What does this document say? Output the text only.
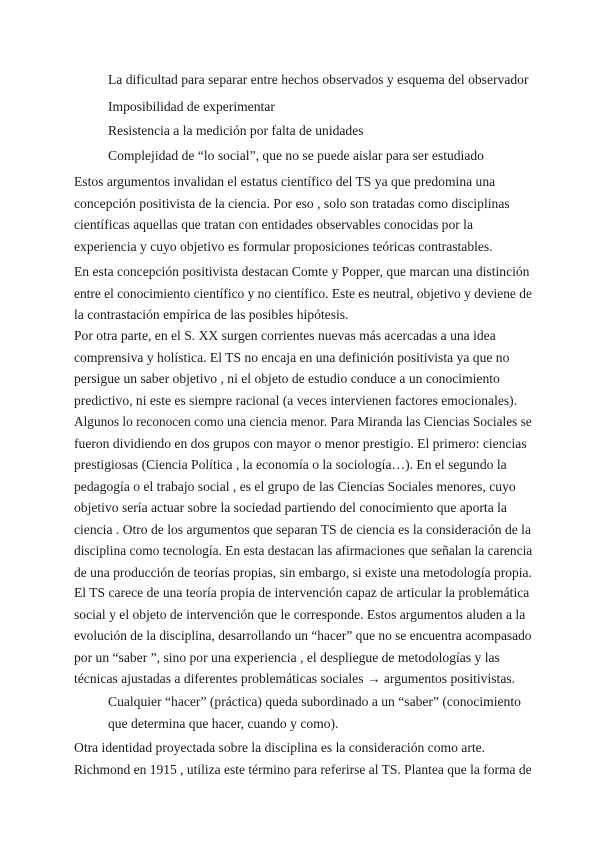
La dificultad para separar entre hechos observados y esquema del observador
Imposibilidad de experimentar
Resistencia a la medición por falta de unidades
Complejidad de “lo social”, que no se puede aislar para ser estudiado
Estos argumentos invalidan el estatus científico del TS ya que predomina una
concepción positivista de la ciencia. Por eso , solo son tratadas como disciplinas
científicas aquellas que tratan con entidades observables conocidas por la
experiencia y cuyo objetivo es formular proposiciones teóricas contrastables.
En esta concepción positivista destacan Comte y Popper, que marcan una distinción
entre el conocimiento científico y no científico. Este es neutral, objetivo y deviene de
la contrastación empírica de las posibles hipótesis.
Por otra parte, en el S. XX surgen corrientes nuevas más acercadas a una idea
comprensiva y holística. El TS no encaja en una definición positivista ya que no
persigue un saber objetivo , ni el objeto de estudio conduce a un conocimiento
predictivo, ni este es siempre racional (a veces intervienen factores emocionales).
Algunos lo reconocen como una ciencia menor. Para Miranda las Ciencias Sociales se
fueron dividiendo en dos grupos con mayor o menor prestigio. El primero: ciencias
prestigiosas (Ciencia Política , la economía o la sociología…). En el segundo la
pedagogía o el trabajo social , es el grupo de las Ciencias Sociales menores, cuyo
objetivo sería actuar sobre la sociedad partiendo del conocimiento que aporta la
ciencia . Otro de los argumentos que separan TS de ciencia es la consideración de la
disciplina como tecnología. En esta destacan las afirmaciones que señalan la carencia
de una producción de teorías propias, sin embargo, si existe una metodología propia.
El TS carece de una teoría propia de intervención capaz de articular la problemática
social y el objeto de intervención que le corresponde. Estos argumentos aluden a la
evolución de la disciplina, desarrollando un “hacer” que no se encuentra acompasado
por un “saber ”, sino por una experiencia , el despliegue de metodologías y las
técnicas ajustadas a diferentes problemáticas sociales → argumentos positivistas.
Cualquier “hacer” (práctica) queda subordinado a un “saber” (conocimiento
que determina que hacer, cuando y como).
Otra identidad proyectada sobre la disciplina es la consideración como arte.
Richmond en 1915 , utiliza este término para referirse al TS. Plantea que la forma de
